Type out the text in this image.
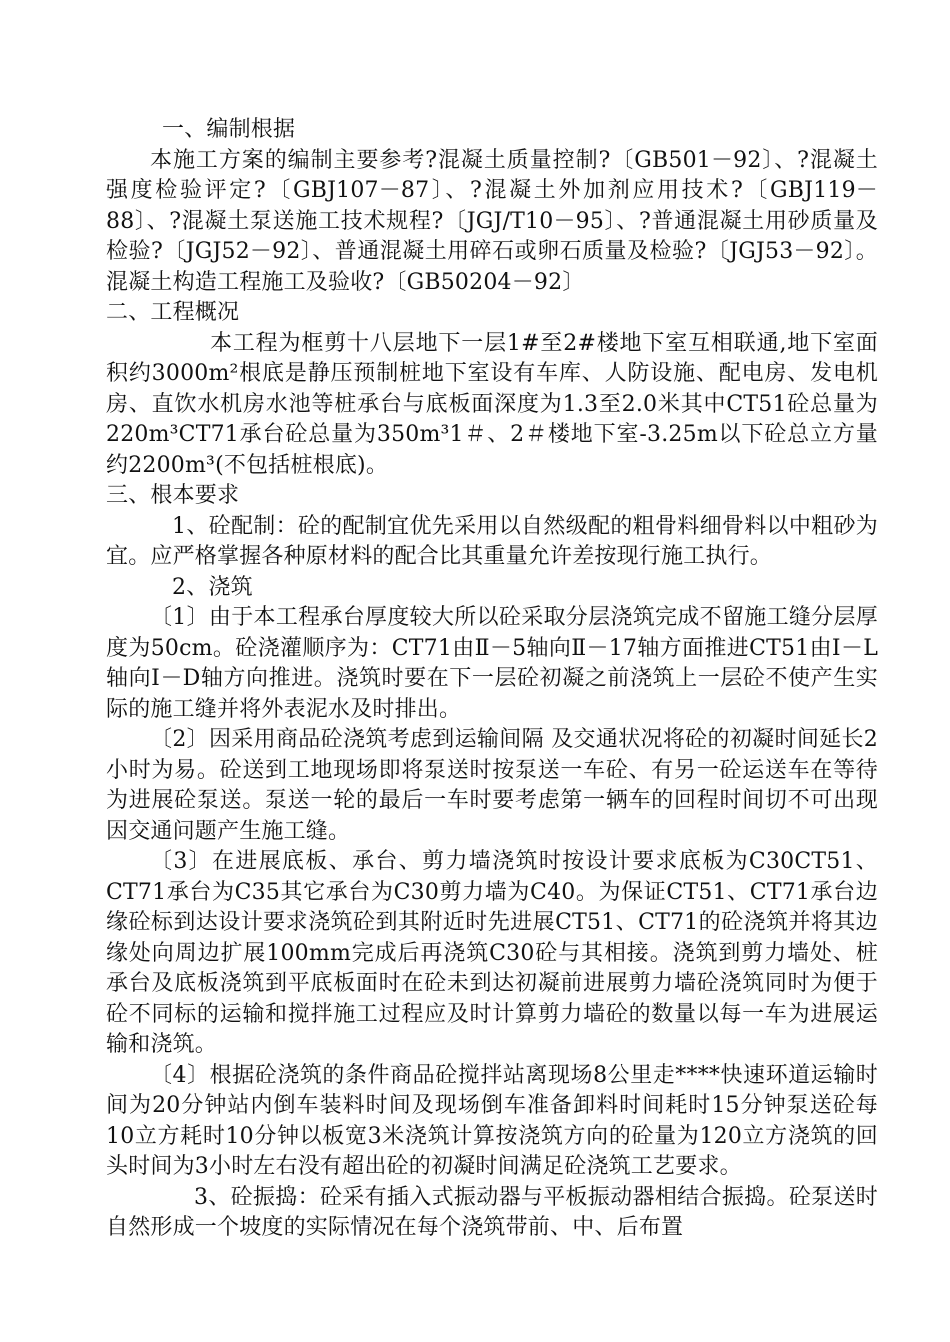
一、编制根据

本施工方案的编制主要参考?混凝土质量控制?〔GB501－92〕、?混凝土强度检验评定?〔GBJ107－87〕、?混凝土外加剂应用技术?〔GBJ119－88〕、?混凝土泵送施工技术规程?〔JGJ/T10－95〕、?普通混凝土用砂质量及检验?〔JGJ52－92〕、普通混凝土用碎石或卵石质量及检验?〔JGJ53－92〕。混凝土构造工程施工及验收?〔GB50204－92〕

二、工程概况

本工程为框剪十八层地下一层1#至2#楼地下室互相联通,地下室面积约3000m²根底是静压预制桩地下室设有车库、人防设施、配电房、发电机房、直饮水机房水池等桩承台与底板面深度为1.3至2.0米其中CT51砼总量为220m³CT71承台砼总量为350m³1＃、2＃楼地下室-3.25m以下砼总立方量约2200m³(不包括桩根底)。

三、根本要求

1、砼配制：砼的配制宜优先采用以自然级配的粗骨料细骨料以中粗砂为宜。应严格掌握各种原材料的配合比其重量允许差按现行施工执行。

2、浇筑

〔1〕由于本工程承台厚度较大所以砼采取分层浇筑完成不留施工缝分层厚度为50cm。砼浇灌顺序为：CT71由Ⅱ－5轴向Ⅱ－17轴方面推进CT51由Ⅰ－L轴向Ⅰ－D轴方向推进。浇筑时要在下一层砼初凝之前浇筑上一层砼不使产生实际的施工缝并将外表泥水及时排出。

〔2〕因采用商品砼浇筑考虑到运输间隔 及交通状况将砼的初凝时间延长2小时为易。砼送到工地现场即将泵送时按泵送一车砼、有另一砼运送车在等待为进展砼泵送。泵送一轮的最后一车时要考虑第一辆车的回程时间切不可出现因交通问题产生施工缝。

〔3〕在进展底板、承台、剪力墙浇筑时按设计要求底板为C30CT51、CT71承台为C35其它承台为C30剪力墙为C40。为保证CT51、CT71承台边缘砼标到达设计要求浇筑砼到其附近时先进展CT51、CT71的砼浇筑并将其边缘处向周边扩展100mm完成后再浇筑C30砼与其相接。浇筑到剪力墙处、桩承台及底板浇筑到平底板面时在砼未到达初凝前进展剪力墙砼浇筑同时为便于砼不同标的运输和搅拌施工过程应及时计算剪力墙砼的数量以每一车为进展运输和浇筑。

〔4〕根据砼浇筑的条件商品砼搅拌站离现场8公里走****快速环道运输时间为20分钟站内倒车装料时间及现场倒车准备卸料时间耗时15分钟泵送砼每10立方耗时10分钟以板宽3米浇筑计算按浇筑方向的砼量为120立方浇筑的回头时间为3小时左右没有超出砼的初凝时间满足砼浇筑工艺要求。

3、砼振捣：砼采有插入式振动器与平板振动器相结合振捣。砼泵送时自然形成一个坡度的实际情况在每个浇筑带前、中、后布置
